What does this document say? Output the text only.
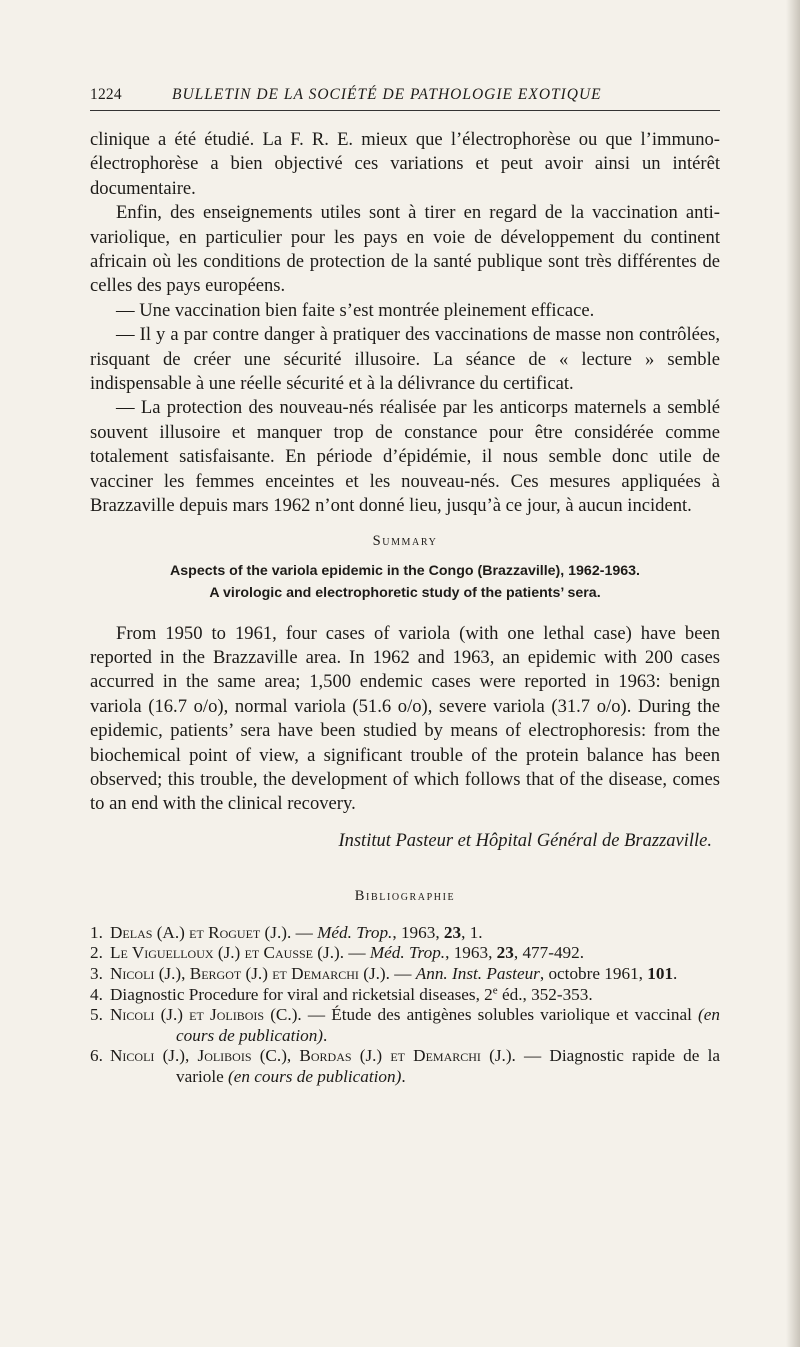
1224	BULLETIN DE LA SOCIÉTÉ DE PATHOLOGIE EXOTIQUE

clinique a été étudié. La F. R. E. mieux que l’électrophorèse ou que l’immuno-électrophorèse a bien objectivé ces variations et peut avoir ainsi un intérêt documentaire.

Enfin, des enseignements utiles sont à tirer en regard de la vaccination anti-variolique, en particulier pour les pays en voie de développement du continent africain où les conditions de protection de la santé publique sont très différentes de celles des pays européens.

— Une vaccination bien faite s’est montrée pleinement efficace.

— Il y a par contre danger à pratiquer des vaccinations de masse non contrôlées, risquant de créer une sécurité illusoire. La séance de « lecture » semble indispensable à une réelle sécurité et à la délivrance du certificat.

— La protection des nouveau-nés réalisée par les anticorps maternels a semblé souvent illusoire et manquer trop de constance pour être considérée comme totalement satisfaisante. En période d’épidémie, il nous semble donc utile de vacciner les femmes enceintes et les nouveau-nés. Ces mesures appliquées à Brazzaville depuis mars 1962 n’ont donné lieu, jusqu’à ce jour, à aucun incident.

Summary
Aspects of the variola epidemic in the Congo (Brazzaville), 1962-1963.
A virologic and electrophoretic study of the patients’ sera.

From 1950 to 1961, four cases of variola (with one lethal case) have been reported in the Brazzaville area. In 1962 and 1963, an epidemic with 200 cases accurred in the same area; 1,500 endemic cases were reported in 1963: benign variola (16.7 o/o), normal variola (51.6 o/o), severe variola (31.7 o/o). During the epidemic, patients’ sera have been studied by means of electrophoresis: from the biochemical point of view, a significant trouble of the protein balance has been observed; this trouble, the development of which follows that of the disease, comes to an end with the clinical recovery.

Institut Pasteur et Hôpital Général de Brazzaville.
Bibliographie

1. Delas (A.) et Roguet (J.). — Méd. Trop., 1963, 23, 1.

2. Le Viguelloux (J.) et Causse (J.). — Méd. Trop., 1963, 23, 477-492.

3. Nicoli (J.), Bergot (J.) et Demarchi (J.). — Ann. Inst. Pasteur, octobre 1961, 101.

4. Diagnostic Procedure for viral and ricketsial diseases, 2e éd., 352-353.

5. Nicoli (J.) et Jolibois (C.). — Étude des antigènes solubles variolique et vaccinal (en cours de publication).

6. Nicoli (J.), Jolibois (C.), Bordas (J.) et Demarchi (J.). — Diagnostic rapide de la variole (en cours de publication).
